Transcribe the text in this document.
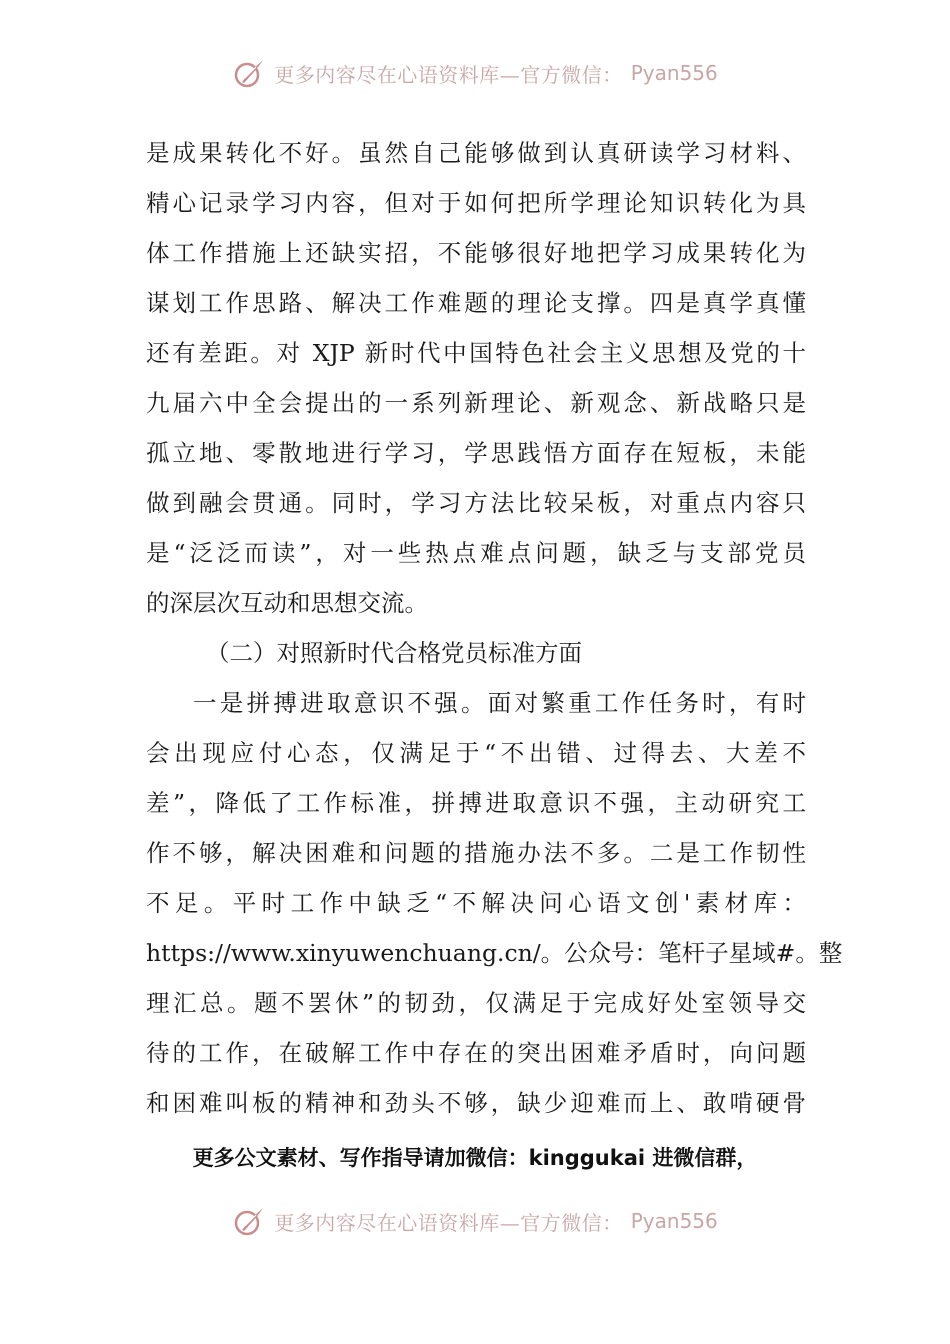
更多内容尽在心语资料库—官方微信： Pyan556
是成果转化不好。虽然自己能够做到认真研读学习材料、
精心记录学习内容，但对于如何把所学理论知识转化为具
体工作措施上还缺实招，不能够很好地把学习成果转化为
谋划工作思路、解决工作难题的理论支撑。四是真学真懂
还有差距。对 XJP 新时代中国特色社会主义思想及党的十
九届六中全会提出的一系列新理论、新观念、新战略只是
孤立地、零散地进行学习，学思践悟方面存在短板，未能
做到融会贯通。同时，学习方法比较呆板，对重点内容只
是“泛泛而读”，对一些热点难点问题，缺乏与支部党员
的深层次互动和思想交流。
（二）对照新时代合格党员标准方面
一是拼搏进取意识不强。面对繁重工作任务时，有时
会出现应付心态，仅满足于“不出错、过得去、大差不
差”，降低了工作标准，拼搏进取意识不强，主动研究工
作不够，解决困难和问题的措施办法不多。二是工作韧性
不足。平时工作中缺乏“不解决问心语文创'素材库：
https://www.xinyuwenchuang.cn/。公众号：笔杆子星域#。整
理汇总。题不罢休”的韧劲，仅满足于完成好处室领导交
待的工作，在破解工作中存在的突出困难矛盾时，向问题
和困难叫板的精神和劲头不够，缺少迎难而上、敢啃硬骨
更多公文素材、写作指导请加微信：kinggukai 进微信群，
更多内容尽在心语资料库—官方微信： Pyan556
